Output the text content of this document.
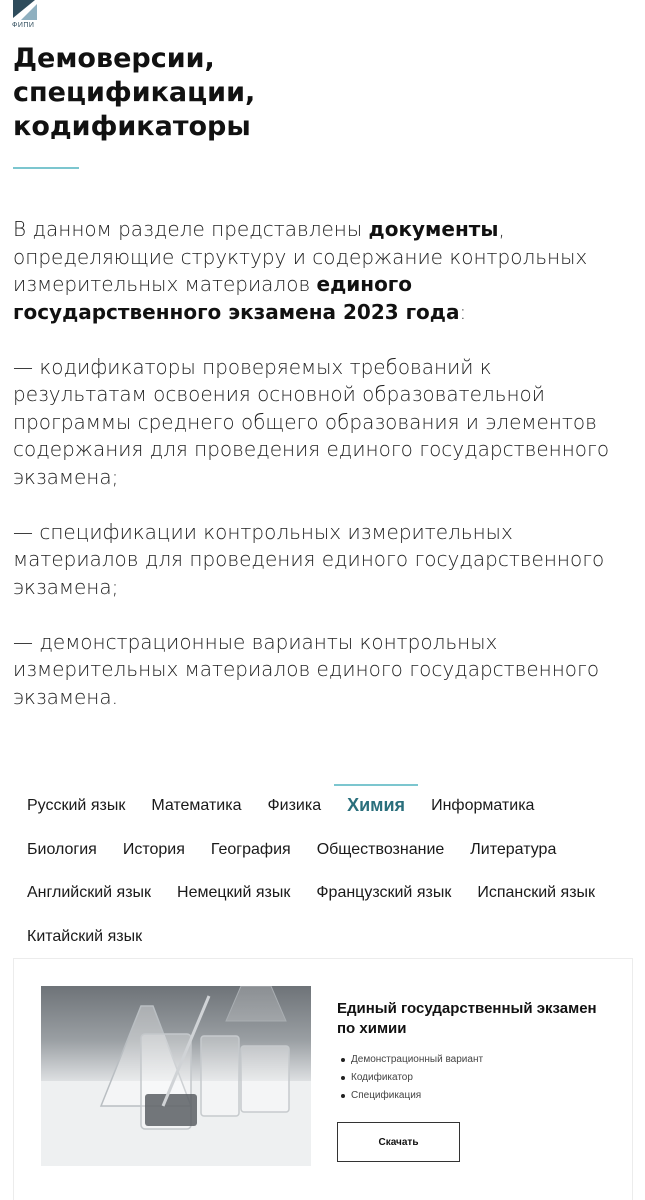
ФИПИ
Демоверсии,
спецификации,
кодификаторы

В данном разделе представлены документы,
определяющие структуру и содержание контрольных измерительных материалов единого государственного экзамена 2023 года:

— кодификаторы проверяемых требований к результатам освоения основной образовательной программы среднего общего образования и элементов содержания для проведения единого государственного экзамена;

— спецификации контрольных измерительных материалов для проведения единого государственного экзамена;

— демонстрационные варианты контрольных измерительных материалов единого государственного экзамена.

Русский язык	Математика	Физика	Химия	Информатика
Биология	История	География	Обществознание	Литература
Английский язык	Немецкий язык	Французский язык	Испанский язык
Китайский язык
Единый государственный экзамен по химии
Демонстрационный вариант
Кодификатор
Спецификация
Скачать
